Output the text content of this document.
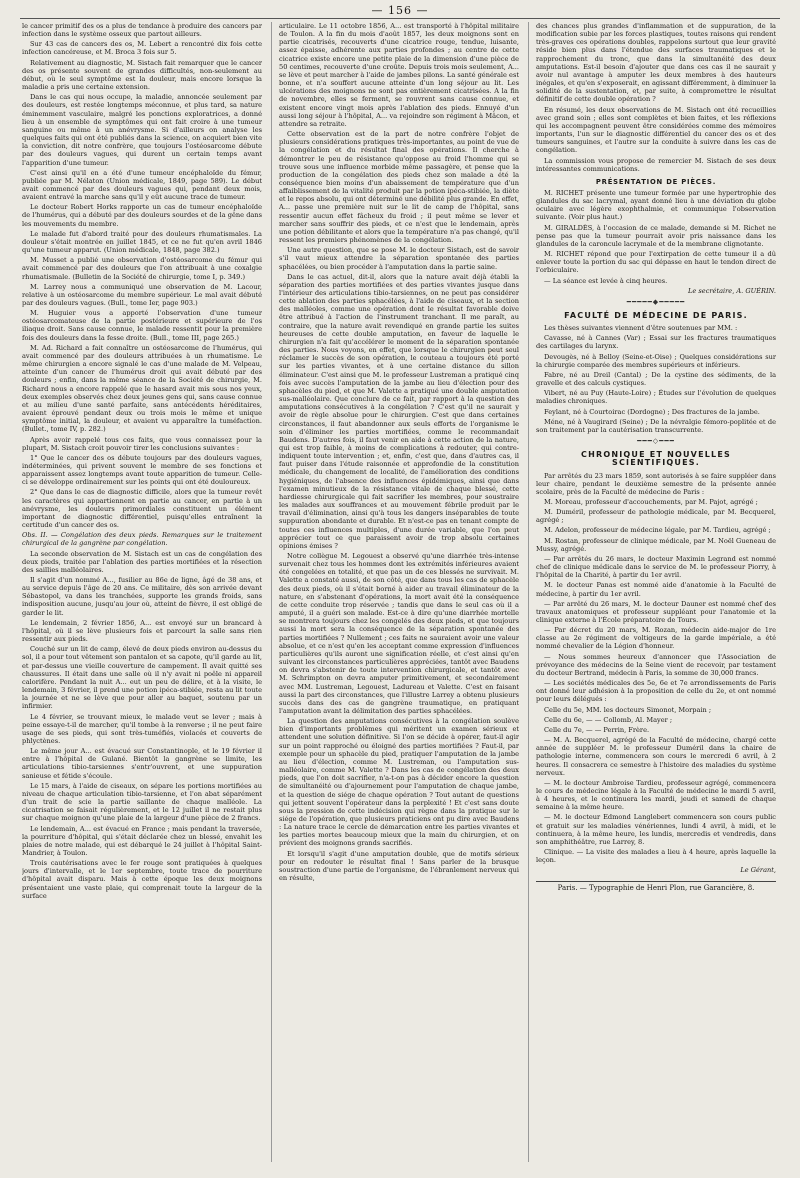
— 156 —

le cancer primitif des os a plus de tendance à produire des cancers par infection dans le système osseux que partout ailleurs.

Sur 43 cas de cancers des os, M. Lebert a rencontré dix fois cette infection cancéreuse, et M. Broca 3 fois sur 5.

Relativement au diagnostic, M. Sistach fait remarquer que le cancer des os présente souvent de grandes difficultés, non-seulement au début, où le seul symptôme est la douleur, mais encore lorsque la maladie a pris une certaine extension.

Dans le cas qui nous occupe, la maladie, annoncée seulement par des douleurs, est restée longtemps méconnue, et plus tard, sa nature éminemment vasculaire, malgré les ponctions exploratrices, a donné lieu à un ensemble de symptômes qui ont fait croire à une tumeur sanguine ou même à un anévrysme. Si d'ailleurs on analyse les quelques faits qui ont été publiés dans la science, on acquiert bien vite la conviction, dit notre confrère, que toujours l'ostéosarcome débute par des douleurs vagues, qui durent un certain temps avant l'apparition d'une tumeur.

C'est ainsi qu'il en a été d'une tumeur encéphaloïde du fémur, publiée par M. Nélaton (Union médicale, 1849, page 589). Le début avait commencé par des douleurs vagues qui, pendant deux mois, avaient entravé la marche sans qu'il y eût aucune trace de tumeur.

Le docteur Robert Horks rapporte un cas de tumeur encéphaloïde de l'humérus, qui a débuté par des douleurs sourdes et de la gêne dans les mouvements du membre.

Le malade fut d'abord traité pour des douleurs rhumatismales. La douleur s'était montrée en juillet 1845, et ce ne fut qu'en avril 1846 qu'une tumeur apparut. (Union médicale, 1848, page 382.)

M. Musset a publié une observation d'ostéosarcome du fémur qui avait commencé par des douleurs que l'on attribuait à une coxalgie rhumatismale. (Bulletin de la Société de chirurgie, tome I, p. 349.)

M. Larrey nous a communiqué une observation de M. Lacour, relative à un ostéosarcome du membre supérieur. Le mal avait débuté par des douleurs vagues. (Bull., tome Ier, page 903.)

M. Huguier vous a apporté l'observation d'une tumeur ostéosarcomateuse de la partie postérieure et supérieure de l'os iliaque droit. Sans cause connue, le malade ressentit pour la première fois des douleurs dans la fesse droite. (Bull., tome III, page 265.)

M. Ad. Richard a fait connaître un ostéosarcome de l'humérus, qui avait commencé par des douleurs attribuées à un rhumatisme. Le même chirurgien a encore signalé le cas d'une malade de M. Velpeau, atteinte d'un cancer de l'humérus droit qui avait débuté par des douleurs ; enfin, dans la même séance de la Société de chirurgie, M. Richard nous a encore rappelé que le hasard avait mis sous nos yeux, deux exemples observés chez deux jeunes gens qui, sans cause connue et au milieu d'une santé parfaite, sans antécédents héréditaires, avaient éprouvé pendant deux ou trois mois le même et unique symptôme initial, la douleur, et avaient vu apparaître la tuméfaction. (Bullet., tome IV, p. 282.)

Après avoir rappelé tous ces faits, que vous connaissez pour la plupart, M. Sistach croit pouvoir tirer les conclusions suivantes :

1° Que le cancer des os débute toujours par des douleurs vagues, indéterminées, qui privent souvent le membre de ses fonctions et apparaissent assez longtemps avant toute apparition de tumeur. Celle-ci se développe ordinairement sur les points qui ont été douloureux.

2° Que dans le cas de diagnostic difficile, alors que la tumeur revêt les caractères qui appartiennent en partie au cancer, en partie à un anévrysme, les douleurs primordiales constituent un élément important de diagnostic différentiel, puisqu'elles entraînent la certitude d'un cancer des os.

Obs. II. — Congélation des deux pieds. Remarques sur le traitement chirurgical de la gangrène par congélation.

La seconde observation de M. Sistach est un cas de congélation des deux pieds, traitée par l'ablation des parties mortifiées et la résection des saillies malléolaires.

Il s'agit d'un nommé A..., fusilier au 86e de ligne, âgé de 38 ans, et au service depuis l'âge de 20 ans. Ce militaire, dès son arrivée devant Sébastopol, va dans les tranchées, supporte les grands froids, sans indisposition aucune, jusqu'au jour où, atteint de fièvre, il est obligé de garder le lit.

Le lendemain, 2 février 1856, A... est envoyé sur un brancard à l'hôpital, où il se lève plusieurs fois et parcourt la salle sans rien ressentir aux pieds.

Couché sur un lit de camp, élevé de deux pieds environ au-dessus du sol, il a pour tout vêtement son pantalon et sa capote, qu'il garde au lit, et par-dessus une vieille couverture de campement. Il avait quitté ses chaussures. Il était dans une salle où il n'y avait ni poêle ni appareil calorifère. Pendant la nuit A... eut un peu de délire, et à la visite, le lendemain, 3 février, il prend une potion ipéca-stibiée, resta au lit toute la journée et ne se lève que pour aller au baquet, soutenu par un infirmier.

Le 4 février, se trouvant mieux, le malade veut se lever ; mais à peine essaye-t-il de marcher, qu'il tombe à la renverse ; il ne peut faire usage de ses pieds, qui sont très-tuméfiés, violacés et couverts de phlyctènes.

Le même jour A... est évacué sur Constantinople, et le 19 février il entre à l'hôpital de Gulané. Bientôt la gangrène se limite, les articulations tibio-tarsiennes s'entr'ouvrent, et une suppuration sanieuse et fétide s'écoule.

Le 15 mars, à l'aide de ciseaux, on sépare les portions mortifiées au niveau de chaque articulation tibio-tarsienne, et l'on abat séparément d'un trait de scie la partie saillante de chaque malléole. La cicatrisation se faisait régulièrement, et le 12 juillet il ne restait plus sur chaque moignon qu'une plaie de la largeur d'une pièce de 2 francs.

Le lendemain, A... est évacué en France ; mais pendant la traversée, la pourriture d'hôpital, qui s'était déclarée chez un blessé, envahit les plaies de notre malade, qui est débarqué le 24 juillet à l'hôpital Saint-Mandrier, à Toulon.

Trois cautérisations avec le fer rouge sont pratiquées à quelques jours d'intervalle, et le 1er septembre, toute trace de pourriture d'hôpital avait disparu. Mais à cette époque les deux moignons présentaient une vaste plaie, qui comprenait toute la largeur de la surface

articulaire. Le 11 octobre 1856, A... est transporté à l'hôpital militaire de Toulon. A la fin du mois d'août 1857, les deux moignons sont en partie cicatrisés, recouverts d'une cicatrice rouge, tendue, luisante, assez épaisse, adhérente aux parties profondes ; au centre de cette cicatrice existe encore une petite plaie de la dimension d'une pièce de 50 centimes, recouverte d'une croûte. Depuis trois mois seulement, A... se lève et peut marcher à l'aide de jambes pilons. La santé générale est bonne, et n'a souffert aucune atteinte d'un long séjour au lit. Les ulcérations des moignons ne sont pas entièrement cicatrisées. A la fin de novembre, elles se ferment, se rouvrent sans cause connue, et existent encore vingt mois après l'ablation des pieds. Ennuyé d'un aussi long séjour à l'hôpital, A... va rejoindre son régiment à Mâcon, et attendre sa retraite.

Cette observation est de la part de notre confrère l'objet de plusieurs considérations pratiques très-importantes, au point de vue de la congélation et du résultat final des opérations. Il cherche à démontrer le peu de résistance qu'oppose au froid l'homme qui se trouve sous une influence morbide même passagère, et pense que la production de la congélation des pieds chez son malade a été la conséquence bien moins d'un abaissement de température que d'un affaiblissement de la vitalité produit par la potion ipéca-stibiée, la diète et le repos absolu, qui ont déterminé une débilité plus grande. En effet, A... passe une première nuit sur le lit de camp de l'hôpital, sans ressentir aucun effet fâcheux du froid ; il peut même se lever et marcher sans souffrir des pieds, et ce n'est que le lendemain, après une potion débilitante et alors que la température n'a pas changé, qu'il ressent les premiers phénomènes de la congélation.

Une autre question, que se pose M. le docteur Sistach, est de savoir s'il vaut mieux attendre la séparation spontanée des parties sphacélées, ou bien procéder à l'amputation dans la partie saine.

Dans le cas actuel, dit-il, alors que la nature avait déjà établi la séparation des parties mortifiées et des parties vivantes jusque dans l'intérieur des articulations tibio-tarsiennes, on ne peut pas considérer cette ablation des parties sphacélées, à l'aide de ciseaux, et la section des malléoles, comme une opération dont le résultat favorable doive être attribué à l'action de l'instrument tranchant. Il me paraît, au contraire, que la nature avait revendiqué en grande partie les suites heureuses de cette double amputation, en faveur de laquelle le chirurgien n'a fait qu'accélérer le moment de la séparation spontanée des parties. Nous voyons, en effet, que lorsque le chirurgien peut seul réclamer le succès de son opération, le couteau a toujours été porté sur les parties vivantes, et à une certaine distance du sillon éliminateur. C'est ainsi que M. le professeur Lustreman a pratiqué cinq fois avec succès l'amputation de la jambe au lieu d'élection pour des sphacèles du pied, et que M. Valette a pratiqué une double amputation sus-malléolaire. Que conclure de ce fait, par rapport à la question des amputations consécutives à la congélation ? C'est qu'il ne saurait y avoir de règle absolue pour le chirurgien. C'est que dans certaines circonstances, il faut abandonner aux seuls efforts de l'organisme le soin d'éliminer les parties mortifiées, comme le recommandait Baudens. D'autres fois, il faut venir en aide à cette action de la nature, qui est trop faible, à moins de complications à redouter, qui contre-indiquent toute intervention ; et, enfin, c'est que, dans d'autres cas, il faut puiser dans l'étude raisonnée et approfondie de la constitution médicale, du changement de localité, de l'amélioration des conditions hygiéniques, de l'absence des influences épidémiques, ainsi que dans l'examen minutieux de la résistance vitale de chaque blessé, cette hardiesse chirurgicale qui fait sacrifier les membres, pour soustraire les malades aux souffrances et au mouvement fébrile produit par le travail d'élimination, ainsi qu'à tous les dangers inséparables de toute suppuration abondante et durable. Et n'est-ce pas en tenant compte de toutes ces influences multiples, d'une durée variable, que l'on peut apprécier tout ce que paraissent avoir de trop absolu certaines opinions émises ?

Notre collègue M. Legouest a observé qu'une diarrhée très-intense survenait chez tous les hommes dont les extrémités inférieures avaient été congelées en totalité, et que pas un de ces blessés ne survivait. M. Valette a constaté aussi, de son côté, que dans tous les cas de sphacèle des deux pieds, où il s'était borné à aider au travail éliminateur de la nature, en s'abstenant d'opérations, la mort avait été la conséquence de cette conduite trop réservée ; tandis que dans le seul cas où il a amputé, il a guéri son malade. Est-ce à dire qu'une diarrhée mortelle se montrera toujours chez les congelés des deux pieds, et que toujours aussi la mort sera la conséquence de la séparation spontanée des parties mortifiées ? Nullement ; ces faits ne sauraient avoir une valeur absolue, et ce n'est qu'en les acceptant comme expression d'influences particulières qu'ils auront une signification réelle, et c'est ainsi qu'en suivant les circonstances particulières appréciées, tantôt avec Baudens on devra s'abstenir de toute intervention chirurgicale, et tantôt avec M. Schrimpton on devra amputer primitivement, et secondairement avec MM. Lustreman, Legouest, Ladureau et Valette. C'est en faisant aussi la part des circonstances, que l'illustre Larrey a obtenu plusieurs succès dans des cas de gangrène traumatique, en pratiquant l'amputation avant la délimitation des parties sphacélées.

La question des amputations consécutives à la congélation soulève bien d'importants problèmes qui méritent un examen sérieux et attendent une solution définitive. Si l'on se décide à opérer, faut-il agir sur un point rapproché ou éloigné des parties mortifiées ? Faut-il, par exemple pour un sphacèle du pied, pratiquer l'amputation de la jambe au lieu d'élection, comme M. Lustreman, ou l'amputation sus-malléolaire, comme M. Valette ? Dans les cas de congélation des deux pieds, que l'on doit sacrifier, n'a-t-on pas à décider encore la question de simultanéité ou d'ajournement pour l'amputation de chaque jambe, et la question de siége de chaque opération ? Tout autant de questions qui jettent souvent l'opérateur dans la perplexité ! Et c'est sans doute sous la pression de cette indécision qui règne dans la pratique sur le siége de l'opération, que plusieurs praticiens ont pu dire avec Baudens : La nature trace le cercle de démarcation entre les parties vivantes et les parties mortes beaucoup mieux que la main du chirurgien, et on prévient des moignons grands sacrifiés.

Et lorsqu'il s'agit d'une amputation double, que de motifs sérieux pour en redouter le résultat final ! Sans parler de la brusque soustraction d'une partie de l'organisme, de l'ébranlement nerveux qui en résulte,

des chances plus grandes d'inflammation et de suppuration, de la modification subie par les forces plastiques, toutes raisons qui rendent très-graves ces opérations doubles, rappelons surtout que leur gravité réside bien plus dans l'étendue des surfaces traumatiques et le rapprochement du tronc, que dans la simultanéité des deux amputations. Est-il besoin d'ajouter que dans ces cas il ne saurait y avoir nul avantage à amputer les deux membres à des hauteurs inégales, et qu'en s'exposerait, en agissant différemment, à diminuer la solidité de la sustentation, et, par suite, à compromettre le résultat définitif de cette double opération ?

En résumé, les deux observations de M. Sistach ont été recueillies avec grand soin ; elles sont complètes et bien faites, et les réflexions qui les accompagnent peuvent être considérées comme des mémoires importants, l'un sur le diagnostic différentiel du cancer des os et des tumeurs sanguines, et l'autre sur la conduite à suivre dans les cas de congélation.

La commission vous propose de remercier M. Sistach de ses deux intéressantes communications.

PRÉSENTATION DE PIÈCES.

M. RICHET présente une tumeur formée par une hypertrophie des glandules du sac lacrymal, ayant donné lieu à une déviation du globe oculaire avec légère exophthalmie, et communique l'observation suivante. (Voir plus haut.)

M. GIRALDÈS, à l'occasion de ce malade, demande si M. Richet ne pense pas que la tumeur pourrait avoir pris naissance dans les glandules de la caroncule lacrymale et de la membrane clignotante.

M. RICHET répond que pour l'extirpation de cette tumeur il a dû enlever toute la portion du sac qui dépasse en haut le tendon direct de l'orbiculaire.

— La séance est levée à cinq heures.

Le secrétaire, A. GUÉRIN.
━━━━━◆━━━━━
FACULTÉ DE MÉDECINE DE PARIS.

Les thèses suivantes viennent d'être soutenues par MM. :

Cavasse, né à Cannes (Var) ; Essai sur les fractures traumatiques des cartilages du larynx.

Devougès, né à Belloy (Seine-et-Oise) ; Quelques considérations sur la chirurgie comparée des membres supérieurs et inférieurs.

Fabre, né au Dreil (Cantal) ; De la cystine des sédiments, de la gravelle et des calculs cystiques.

Vibert, né au Puy (Haute-Loire) ; Études sur l'évolution de quelques maladies chroniques.

Feylant, né à Courtoirac (Dordogne) ; Des fractures de la jambe.

Méne, né à Vaugirard (Seine) ; De la névralgie fémoro-poplitée et de son traitement par la cautérisation transcurrente.

━━━◇━━━
CHRONIQUE ET NOUVELLES SCIENTIFIQUES.

Par arrêtés du 23 mars 1859, sont autorisés à se faire suppléer dans leur chaire, pendant le deuxième semestre de la présente année scolaire, près de la Faculté de médecine de Paris :

M. Moreau, professeur d'accouchements, par M. Pajot, agrégé ;

M. Duméril, professeur de pathologie médicale, par M. Becquerel, agrégé ;

M. Adelon, professeur de médecine légale, par M. Tardieu, agrégé ;

M. Rostan, professeur de clinique médicale, par M. Noël Gueneau de Mussy, agrégé.

— Par arrêtés du 26 mars, le docteur Maximin Legrand est nommé chef de clinique médicale dans le service de M. le professeur Piorry, à l'hôpital de la Charité, à partir du 1er avril.

M. le docteur Panas est nommé aide d'anatomie à la Faculté de médecine, à partir du 1er avril.

— Par arrêté du 26 mars, M. le docteur Dauner est nommé chef des travaux anatomiques et professeur suppléant pour l'anatomie et la clinique externe à l'École préparatoire de Tours.

— Par décret du 20 mars, M. Rozan, médecin aide-major de 1re classe au 2e régiment de voltigeurs de la garde impériale, a été nommé chevalier de la Légion d'honneur.

— Nous sommes heureux d'annoncer que l'Association de prévoyance des médecins de la Seine vient de recevoir, par testament du docteur Bertrand, médecin à Paris, la somme de 30,000 francs.

— Les sociétés médicales des 5e, 6e et 7e arrondissements de Paris ont donné leur adhésion à la proposition de celle du 2e, et ont nommé pour leurs délégués :

Celle du 5e, MM. les docteurs Simonot, Morpain ;

Celle du 6e, — — Collomb, Al. Mayer ;

Celle du 7e, — — Perrin, Frère.

— M. A. Becquerel, agrégé de la Faculté de médecine, chargé cette année de suppléer M. le professeur Duméril dans la chaire de pathologie interne, commencera son cours le mercredi 6 avril, à 2 heures. Il consacrera ce semestre à l'histoire des maladies du système nerveux.

— M. le docteur Ambroise Tardieu, professeur agrégé, commencera le cours de médecine légale à la Faculté de médecine le mardi 5 avril, à 4 heures, et le continuera les mardi, jeudi et samedi de chaque semaine à la même heure.

— M. le docteur Edmond Langlebert commencera son cours public et gratuit sur les maladies vénériennes, lundi 4 avril, à midi, et le continuera, à la même heure, les lundis, mercredis et vendredis, dans son amphithéâtre, rue Larrey, 8.

Clinique. — La visite des malades a lieu à 4 heure, après laquelle la leçon.

Le Gérant,
Paris. — Typographie de Henri Plon, rue Garancière, 8.
